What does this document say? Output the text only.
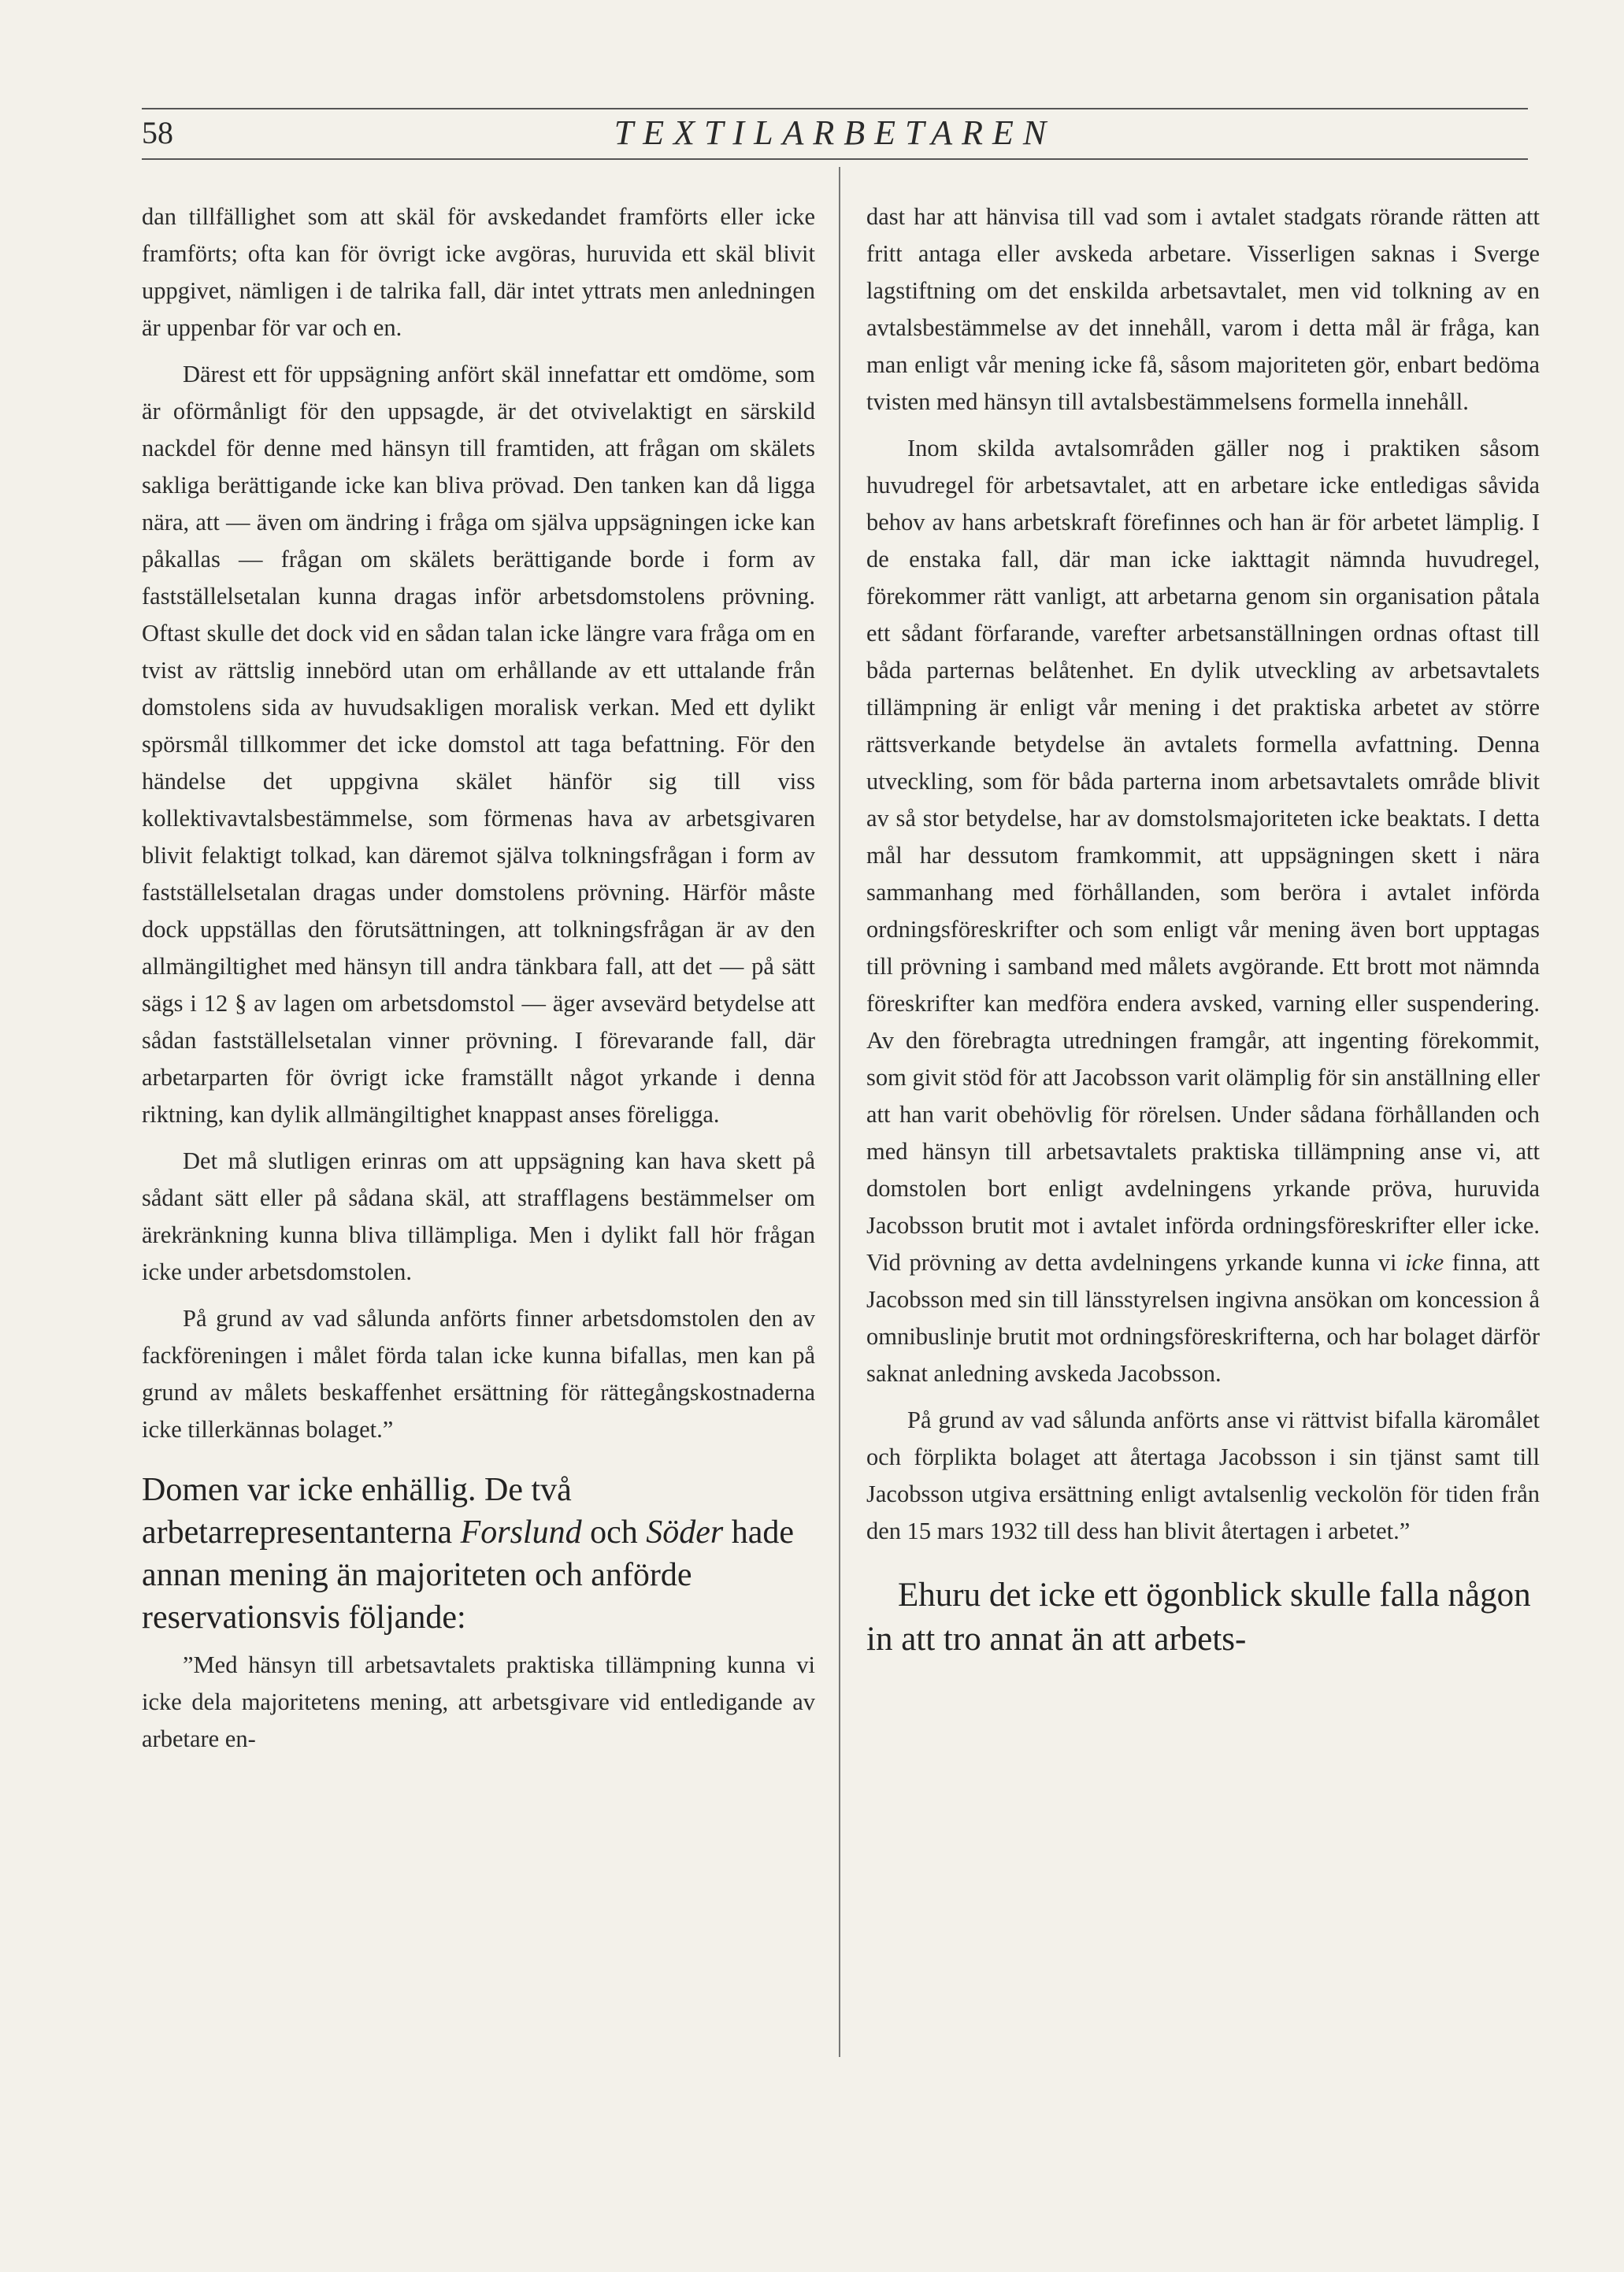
58	TEXTILARBETAREN

dan tillfällighet som att skäl för avskedandet framförts eller icke framförts; ofta kan för övrigt icke avgöras, huruvida ett skäl blivit uppgivet, nämligen i de talrika fall, där intet yttrats men anledningen är uppenbar för var och en.

Därest ett för uppsägning anfört skäl innefattar ett omdöme, som är oförmånligt för den uppsagde, är det otvivelaktigt en särskild nackdel för denne med hänsyn till framtiden, att frågan om skälets sakliga berättigande icke kan bliva prövad. Den tanken kan då ligga nära, att — även om ändring i fråga om själva uppsägningen icke kan påkallas — frågan om skälets berättigande borde i form av fastställelsetalan kunna dragas inför arbetsdomstolens prövning. Oftast skulle det dock vid en sådan talan icke längre vara fråga om en tvist av rättslig innebörd utan om erhållande av ett uttalande från domstolens sida av huvudsakligen moralisk verkan. Med ett dylikt spörsmål tillkommer det icke domstol att taga befattning. För den händelse det uppgivna skälet hänför sig till viss kollektivavtalsbestämmelse, som förmenas hava av arbetsgivaren blivit felaktigt tolkad, kan däremot själva tolkningsfrågan i form av fastställelsetalan dragas under domstolens prövning. Härför måste dock uppställas den förutsättningen, att tolkningsfrågan är av den allmängiltighet med hänsyn till andra tänkbara fall, att det — på sätt sägs i 12 § av lagen om arbetsdomstol — äger avsevärd betydelse att sådan fastställelsetalan vinner prövning. I förevarande fall, där arbetarparten för övrigt icke framställt något yrkande i denna riktning, kan dylik allmängiltighet knappast anses föreligga.

Det må slutligen erinras om att uppsägning kan hava skett på sådant sätt eller på sådana skäl, att strafflagens bestämmelser om ärekränkning kunna bliva tillämpliga. Men i dylikt fall hör frågan icke under arbetsdomstolen.

På grund av vad sålunda anförts finner arbetsdomstolen den av fackföreningen i målet förda talan icke kunna bifallas, men kan på grund av målets beskaffenhet ersättning för rättegångskostnaderna icke tillerkännas bolaget.”

Domen var icke enhällig. De två arbetarrepresentanterna Forslund och Söder hade annan mening än majoriteten och anförde reservationsvis följande:

”Med hänsyn till arbetsavtalets praktiska tillämpning kunna vi icke dela majoritetens mening, att arbetsgivare vid entledigande av arbetare en-

dast har att hänvisa till vad som i avtalet stadgats rörande rätten att fritt antaga eller avskeda arbetare. Visserligen saknas i Sverge lagstiftning om det enskilda arbetsavtalet, men vid tolkning av en avtalsbestämmelse av det innehåll, varom i detta mål är fråga, kan man enligt vår mening icke få, såsom majoriteten gör, enbart bedöma tvisten med hänsyn till avtalsbestämmelsens formella innehåll.

Inom skilda avtalsområden gäller nog i praktiken såsom huvudregel för arbetsavtalet, att en arbetare icke entledigas såvida behov av hans arbetskraft förefinnes och han är för arbetet lämplig. I de enstaka fall, där man icke iakttagit nämnda huvudregel, förekommer rätt vanligt, att arbetarna genom sin organisation påtala ett sådant förfarande, varefter arbetsanställningen ordnas oftast till båda parternas belåtenhet. En dylik utveckling av arbetsavtalets tillämpning är enligt vår mening i det praktiska arbetet av större rättsverkande betydelse än avtalets formella avfattning. Denna utveckling, som för båda parterna inom arbetsavtalets område blivit av så stor betydelse, har av domstolsmajoriteten icke beaktats. I detta mål har dessutom framkommit, att uppsägningen skett i nära sammanhang med förhållanden, som beröra i avtalet införda ordningsföreskrifter och som enligt vår mening även bort upptagas till prövning i samband med målets avgörande. Ett brott mot nämnda föreskrifter kan medföra endera avsked, varning eller suspendering. Av den förebragta utredningen framgår, att ingenting förekommit, som givit stöd för att Jacobsson varit olämplig för sin anställning eller att han varit obehövlig för rörelsen. Under sådana förhållanden och med hänsyn till arbetsavtalets praktiska tillämpning anse vi, att domstolen bort enligt avdelningens yrkande pröva, huruvida Jacobsson brutit mot i avtalet införda ordningsföreskrifter eller icke. Vid prövning av detta avdelningens yrkande kunna vi icke finna, att Jacobsson med sin till länsstyrelsen ingivna ansökan om koncession å omnibuslinje brutit mot ordningsföreskrifterna, och har bolaget därför saknat anledning avskeda Jacobsson.

På grund av vad sålunda anförts anse vi rättvist bifalla käromålet och förplikta bolaget att återtaga Jacobsson i sin tjänst samt till Jacobsson utgiva ersättning enligt avtalsenlig veckolön för tiden från den 15 mars 1932 till dess han blivit återtagen i arbetet.”

Ehuru det icke ett ögonblick skulle falla någon in att tro annat än att arbets-
